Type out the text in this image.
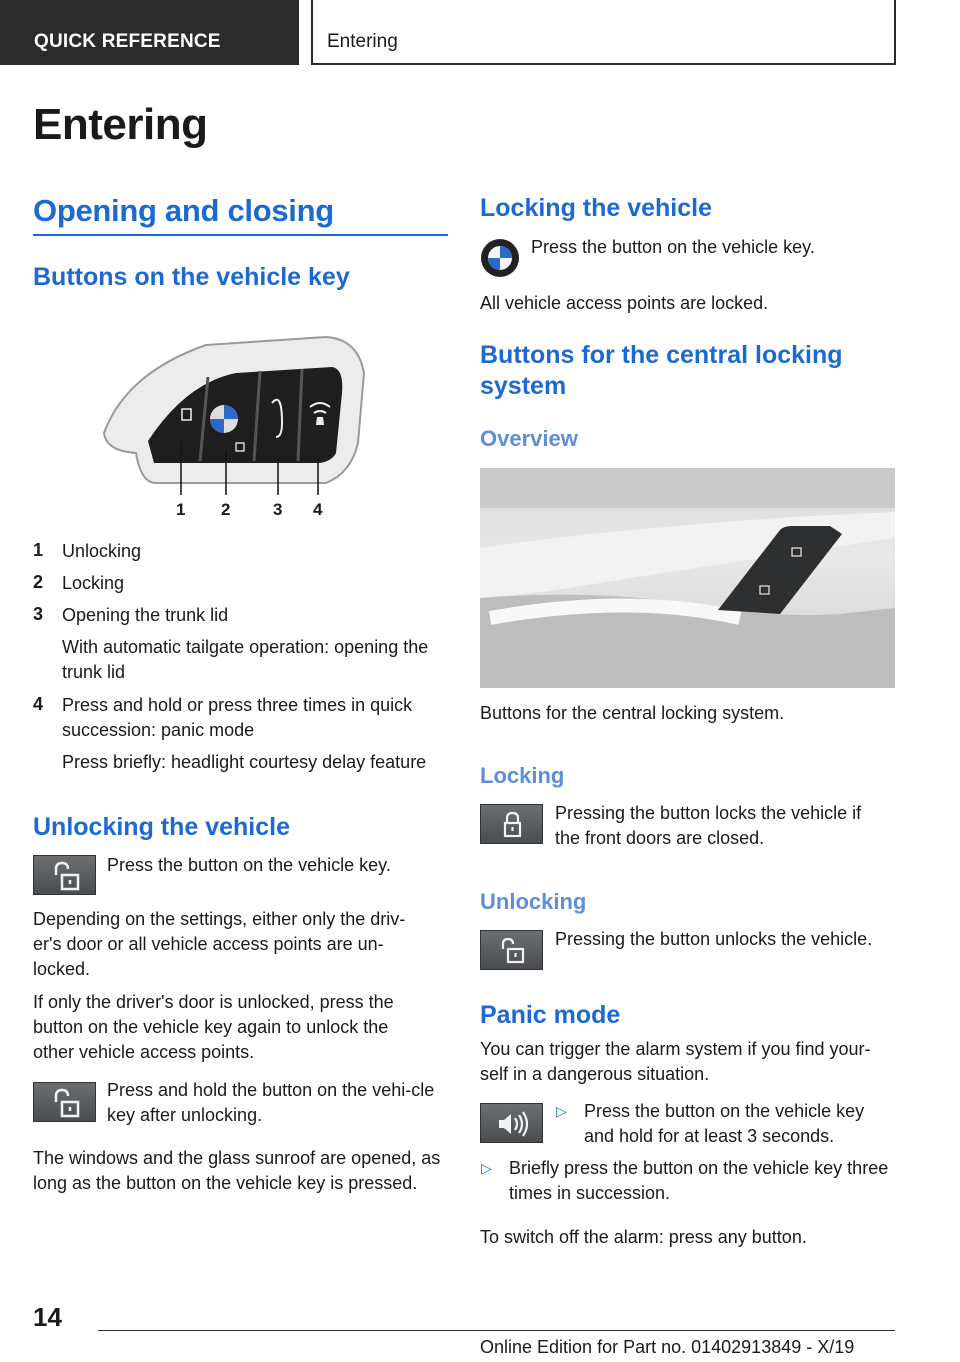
QUICK REFERENCE	Entering
Entering
Opening and closing
Buttons on the vehicle key
1 2	3 4
1 Unlocking
2 Locking
3 Opening the trunk lid
With automatic tailgate operation: opening the trunk lid
4 Press and hold or press three times in quick succession: panic mode
Press briefly: headlight courtesy delay feature
Unlocking the vehicle
Press the button on the vehicle key.
Depending on the settings, either only the driv-er's door or all vehicle access points are un-locked.
If only the driver's door is unlocked, press the button on the vehicle key again to unlock the other vehicle access points.
Press and hold the button on the vehi-cle key after unlocking.
The windows and the glass sunroof are opened, as long as the button on the vehicle key is pressed.
Locking the vehicle
Press the button on the vehicle key.
All vehicle access points are locked.
Buttons for the central locking system
Overview
Buttons for the central locking system.
Locking
Pressing the button locks the vehicle if the front doors are closed.
Unlocking
Pressing the button unlocks the vehicle.
Panic mode
You can trigger the alarm system if you find your-self in a dangerous situation.
▷ Press the button on the vehicle key and hold for at least 3 seconds.
▷ Briefly press the button on the vehicle key three times in succession.
To switch off the alarm: press any button.
14
Online Edition for Part no. 01402913849 - X/19
